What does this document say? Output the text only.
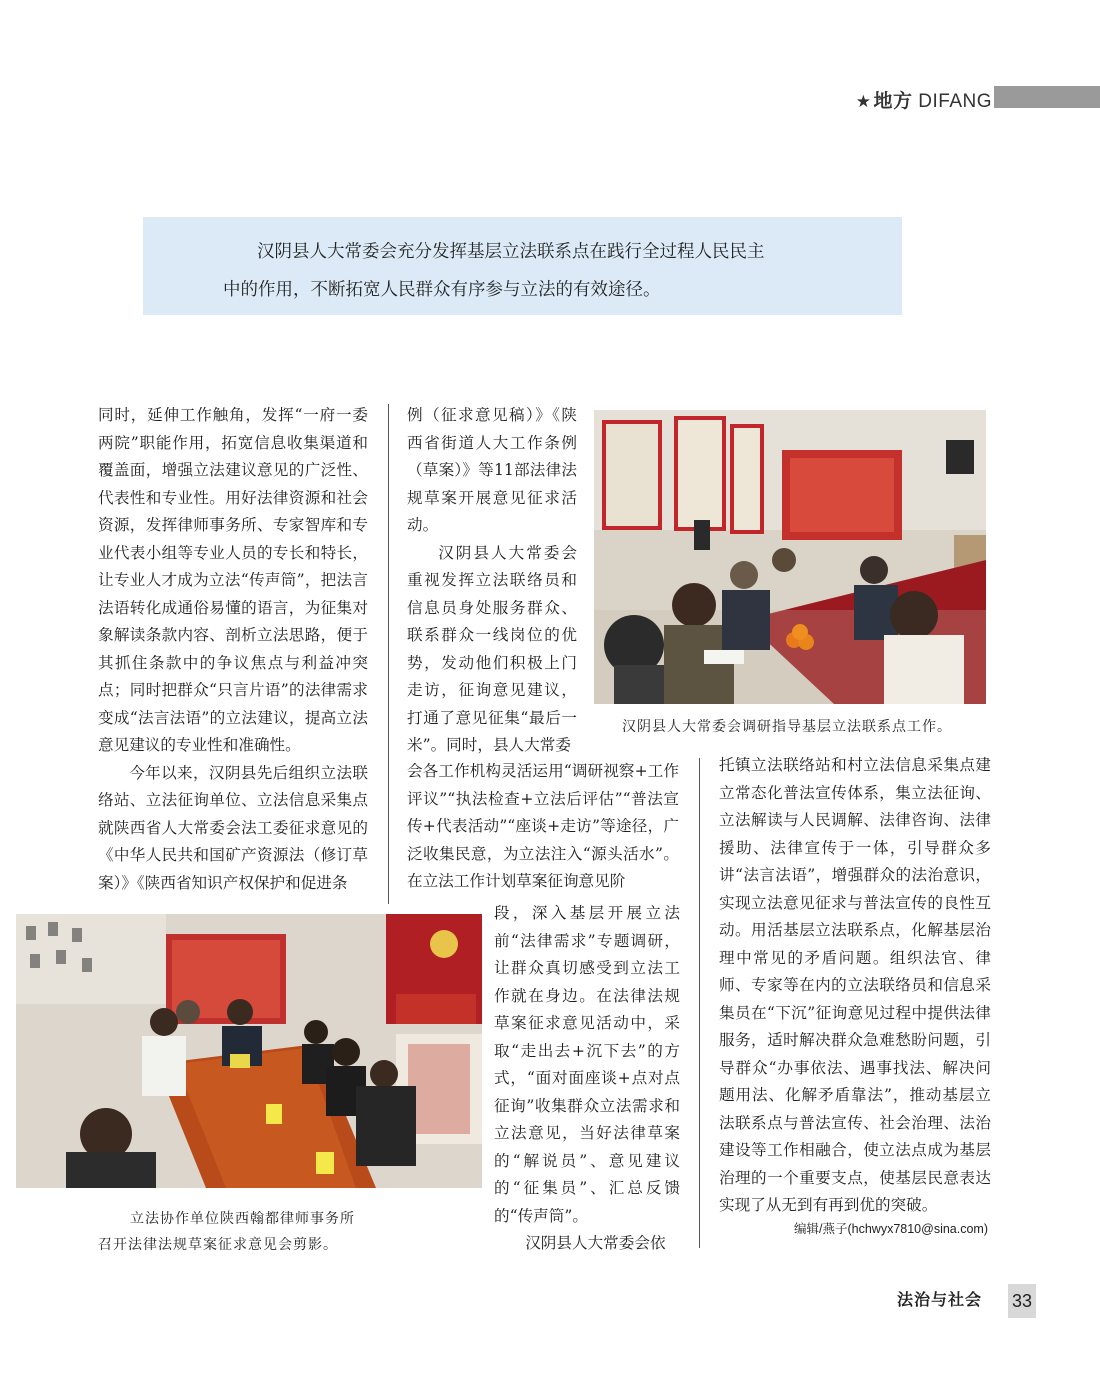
★ 地方 DIFANG

汉阴县人大常委会充分发挥基层立法联系点在践行全过程人民民主

中的作用，不断拓宽人民群众有序参与立法的有效途径。

同时，延伸工作触角，发挥“一府一委两院”职能作用，拓宽信息收集渠道和覆盖面，增强立法建议意见的广泛性、代表性和专业性。用好法律资源和社会资源，发挥律师事务所、专家智库和专业代表小组等专业人员的专长和特长，让专业人才成为立法“传声筒”，把法言法语转化成通俗易懂的语言，为征集对象解读条款内容、剖析立法思路，便于其抓住条款中的争议焦点与利益冲突点；同时把群众“只言片语”的法律需求变成“法言法语”的立法建议，提高立法意见建议的专业性和准确性。

今年以来，汉阴县先后组织立法联络站、立法征询单位、立法信息采集点就陕西省人大常委会法工委征求意见的《中华人民共和国矿产资源法（修订草案）》《陕西省知识产权保护和促进条

例（征求意见稿）》《陕西省街道人大工作条例（草案）》等11部法律法规草案开展意见征求活动。

汉阴县人大常委会重视发挥立法联络员和信息员身处服务群众、联系群众一线岗位的优势，发动他们积极上门走访，征询意见建议，打通了意见征集“最后一米”。同时，县人大常委

汉阴县人大常委会调研指导基层立法联系点工作。

会各工作机构灵活运用“调研视察+工作评议”“执法检查+立法后评估”“普法宣传+代表活动”“座谈+走访”等途径，广泛收集民意，为立法注入“源头活水”。在立法工作计划草案征询意见阶

段，深入基层开展立法前“法律需求”专题调研，让群众真切感受到立法工作就在身边。在法律法规草案征求意见活动中，采取“走出去+沉下去”的方式，“面对面座谈+点对点征询”收集群众立法需求和立法意见，当好法律草案的“解说员”、意见建议的“征集员”、汇总反馈的“传声筒”。

汉阴县人大常委会依

托镇立法联络站和村立法信息采集点建立常态化普法宣传体系，集立法征询、立法解读与人民调解、法律咨询、法律援助、法律宣传于一体，引导群众多讲“法言法语”，增强群众的法治意识，实现立法意见征求与普法宣传的良性互动。用活基层立法联系点，化解基层治理中常见的矛盾问题。组织法官、律师、专家等在内的立法联络员和信息采集员在“下沉”征询意见过程中提供法律服务，适时解决群众急难愁盼问题，引导群众“办事依法、遇事找法、解决问题用法、化解矛盾靠法”，推动基层立法联系点与普法宣传、社会治理、法治建设等工作相融合，使立法点成为基层治理的一个重要支点，使基层民意表达实现了从无到有再到优的突破。

立法协作单位陕西翰都律师事务所
召开法律法规草案征求意见会剪影。
编辑/燕子(hchwyx7810@sina.com)
法治与社会 33
